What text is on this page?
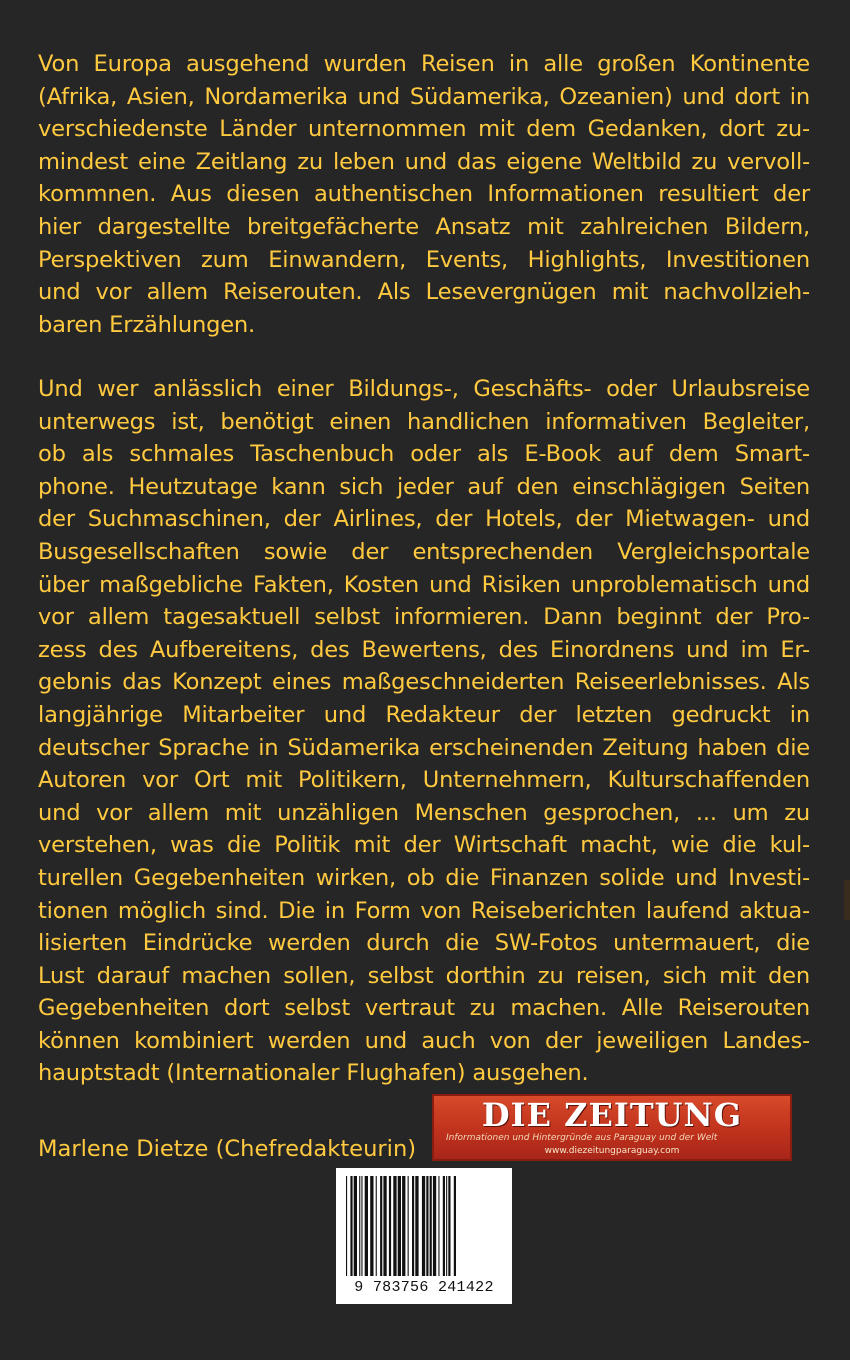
Von Europa ausgehend wurden Reisen in alle großen Kontinente
(Afrika, Asien, Nordamerika und Südamerika, Ozeanien) und dort in
verschiedenste Länder unternommen mit dem Gedanken, dort zu-
mindest eine Zeitlang zu leben und das eigene Weltbild zu vervoll-
kommnen. Aus diesen authentischen Informationen resultiert der
hier dargestellte breitgefächerte Ansatz mit zahlreichen Bildern,
Perspektiven zum Einwandern, Events, Highlights, Investitionen
und vor allem Reiserouten. Als Lesevergnügen mit nachvollzieh-
baren Erzählungen.
Und wer anlässlich einer Bildungs-, Geschäfts- oder Urlaubsreise
unterwegs ist, benötigt einen handlichen informativen Begleiter,
ob als schmales Taschenbuch oder als E-Book auf dem Smart-
phone. Heutzutage kann sich jeder auf den einschlägigen Seiten
der Suchmaschinen, der Airlines, der Hotels, der Mietwagen- und
Busgesellschaften sowie der entsprechenden Vergleichsportale
über maßgebliche Fakten, Kosten und Risiken unproblematisch und
vor allem tagesaktuell selbst informieren. Dann beginnt der Pro-
zess des Aufbereitens, des Bewertens, des Einordnens und im Er-
gebnis das Konzept eines maßgeschneiderten Reiseerlebnisses. Als
langjährige Mitarbeiter und Redakteur der letzten gedruckt in
deutscher Sprache in Südamerika erscheinenden Zeitung haben die
Autoren vor Ort mit Politikern, Unternehmern, Kulturschaffenden
und vor allem mit unzähligen Menschen gesprochen, ... um zu
verstehen, was die Politik mit der Wirtschaft macht, wie die kul-
turellen Gegebenheiten wirken, ob die Finanzen solide und Investi-
tionen möglich sind. Die in Form von Reiseberichten laufend aktua-
lisierten Eindrücke werden durch die SW-Fotos untermauert, die
Lust darauf machen sollen, selbst dorthin zu reisen, sich mit den
Gegebenheiten dort selbst vertraut zu machen. Alle Reiserouten
können kombiniert werden und auch von der jeweiligen Landes-
hauptstadt (Internationaler Flughafen) ausgehen.
Marlene Dietze (Chefredakteurin)
DIE ZEITUNG
Informationen und Hintergründe aus Paraguay und der Welt
www.diezeitungparaguay.com
9 783756 241422
